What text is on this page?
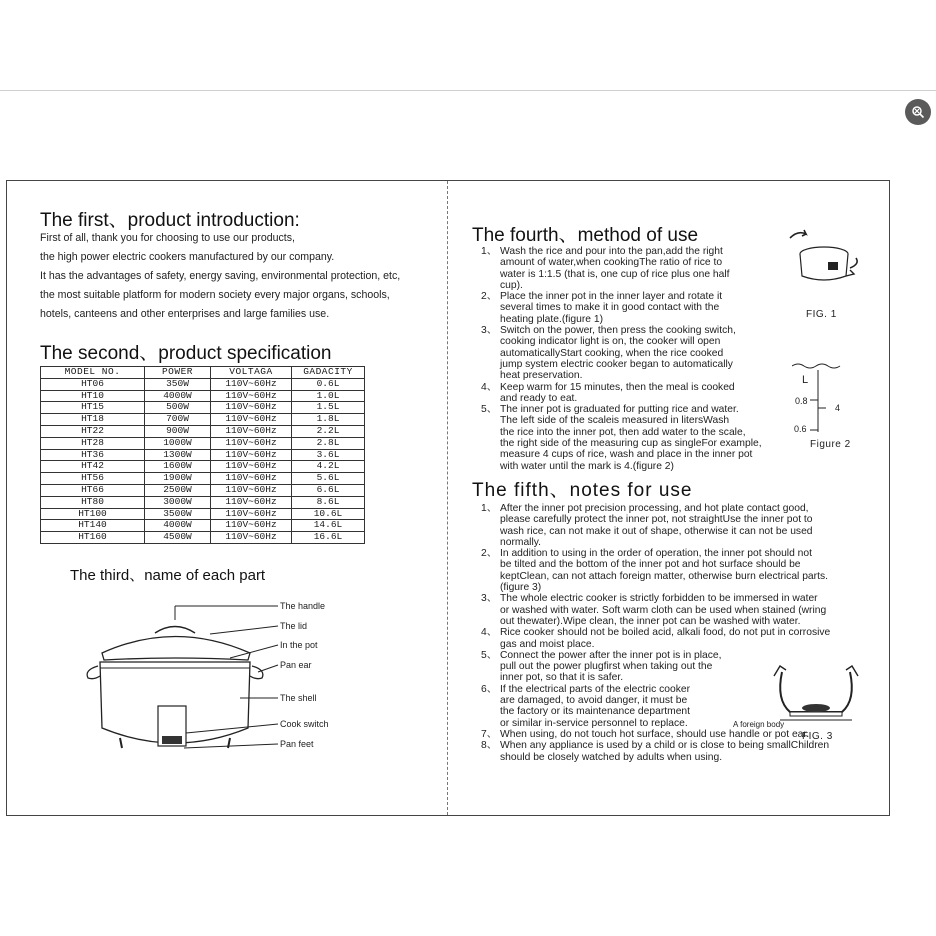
The first、product introduction:
First of all, thank you for choosing to use our products,
the high power electric cookers manufactured by our company.
It has the advantages of safety, energy saving, environmental protection, etc,
the most suitable platform for modern society every major organs, schools,
hotels, canteens and other enterprises and large families use.
The second、product specification
MODEL NO.	POWER	VOLTAGA	GADACITY
HT06	350W	110V~60Hz	0.6L
HT10	4000W	110V~60Hz	1.0L
HT15	500W	110V~60Hz	1.5L
HT18	700W	110V~60Hz	1.8L
HT22	900W	110V~60Hz	2.2L
HT28	1000W	110V~60Hz	2.8L
HT36	1300W	110V~60Hz	3.6L
HT42	1600W	110V~60Hz	4.2L
HT56	1900W	110V~60Hz	5.6L
HT66	2500W	110V~60Hz	6.6L
HT80	3000W	110V~60Hz	8.6L
HT100	3500W	110V~60Hz	10.6L
HT140	4000W	110V~60Hz	14.6L
HT160	4500W	110V~60Hz	16.6L
The third、name of each part
The handle
The lid
In the pot
Pan ear
The shell
Cook switch
Pan feet
The fourth、method of use
1、 Wash the rice and pour into the pan,add the right
amount of water,when cookingThe ratio of rice to
water is 1:1.5 (that is, one cup of rice plus one half
cup).
2、 Place the inner pot in the inner layer and rotate it
several times to make it in good contact with the
heating plate.(figure 1)
3、 Switch on the power, then press the cooking switch,
cooking indicator light is on, the cooker will open
automaticallyStart cooking, when the rice cooked
jump system electric cooker began to automatically
heat preservation.
4、 Keep warm for 15 minutes, then the meal is cooked
and ready to eat.
5、 The inner pot is graduated for putting rice and water.
The left side of the scaleis measured in litersWash
the rice into the inner pot, then add water to the scale,
the right side of the measuring cup as singleFor example,
measure 4 cups of rice, wash and place in the inner pot
with water until the mark is 4.(figure 2)
FIG. 1
L
0.8
4
0.6
Figure 2
The fifth、notes for use
1、 After the inner pot precision processing, and hot plate contact good,
please carefully protect the inner pot, not straightUse the inner pot to
wash rice, can not make it out of shape, otherwise it can not be used
normally.
2、 In addition to using in the order of operation, the inner pot should not
be tilted and the bottom of the inner pot and hot surface should be
keptClean, can not attach foreign matter, otherwise burn electrical parts.
(figure 3)
3、 The whole electric cooker is strictly forbidden to be immersed in water
or washed with water. Soft warm cloth can be used when stained (wring
out thewater).Wipe clean, the inner pot can be washed with water.
4、 Rice cooker should not be boiled acid, alkali food, do not put in corrosive
gas and moist place.
5、 Connect the power after the inner pot is in place,
pull out the power plugfirst when taking out the
inner pot, so that it is safer.
6、 If the electrical parts of the electric cooker
are damaged, to avoid danger, it must be
the factory or its maintenance department
or similar in-service personnel to replace.
7、 When using, do not touch hot surface, should use handle or pot ear.
8、 When any appliance is used by a child or is close to being smallChildren
should be closely watched by adults when using.
A foreign body
FIG. 3
